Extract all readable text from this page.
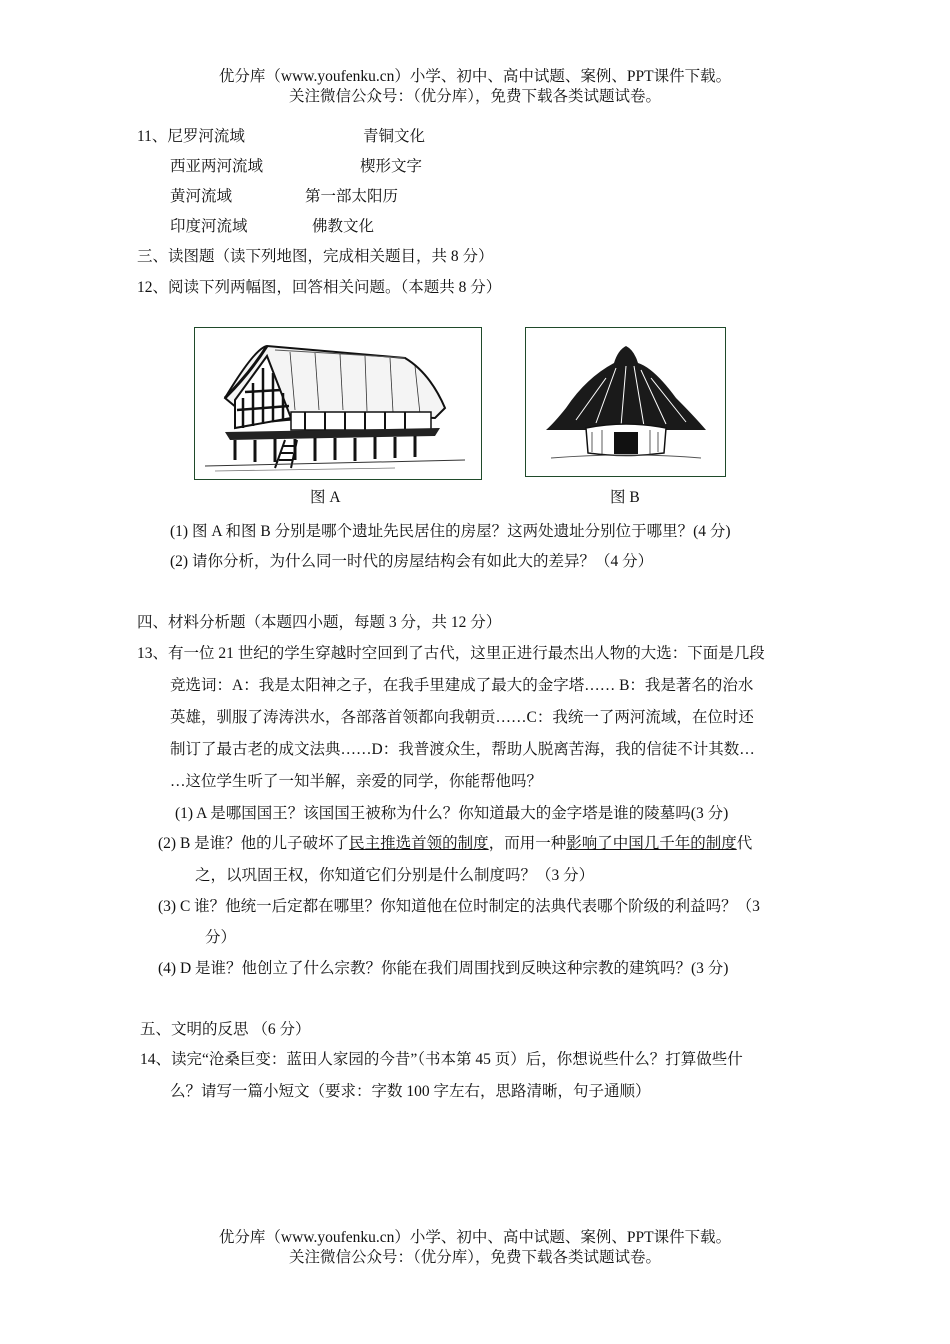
优分库（www.youfenku.cn）小学、初中、高中试题、案例、PPT课件下载。
关注微信公众号：（优分库），免费下载各类试题试卷。
11、尼罗河流域	青铜文化
西亚两河流域	楔形文字
黄河流域	第一部太阳历
印度河流域	佛教文化
三、读图题（读下列地图，完成相关题目，共 8 分）
12、阅读下列两幅图，回答相关问题。（本题共 8 分）
图 A	图 B
(1) 图 A 和图 B 分别是哪个遗址先民居住的房屋？这两处遗址分别位于哪里？(4 分)
(2) 请你分析，为什么同一时代的房屋结构会有如此大的差异？（4 分）
四、材料分析题（本题四小题，每题 3 分，共 12 分）
13、有一位 21 世纪的学生穿越时空回到了古代，这里正进行最杰出人物的大选：下面是几段
竞选词：A：我是太阳神之子，在我手里建成了最大的金字塔…… B：我是著名的治水
英雄，驯服了涛涛洪水，各部落首领都向我朝贡……C：我统一了两河流域，在位时还
制订了最古老的成文法典……D：我普渡众生，帮助人脱离苦海，我的信徒不计其数…
…这位学生听了一知半解，亲爱的同学，你能帮他吗？
(1) A 是哪国国王？该国国王被称为什么？你知道最大的金字塔是谁的陵墓吗(3 分)
(2) B 是谁？他的儿子破坏了民主推选首领的制度，而用一种影响了中国几千年的制度代
之，以巩固王权，你知道它们分别是什么制度吗？（3 分）
(3) C 谁？他统一后定都在哪里？你知道他在位时制定的法典代表哪个阶级的利益吗？（3
分）
(4) D 是谁？他创立了什么宗教？你能在我们周围找到反映这种宗教的建筑吗？(3 分)
五、文明的反思 （6 分）
14、读完“沧桑巨变：蓝田人家园的今昔”（书本第 45 页）后，你想说些什么？打算做些什
么？请写一篇小短文（要求：字数 100 字左右，思路清晰，句子通顺）
优分库（www.youfenku.cn）小学、初中、高中试题、案例、PPT课件下载。
关注微信公众号：（优分库），免费下载各类试题试卷。
